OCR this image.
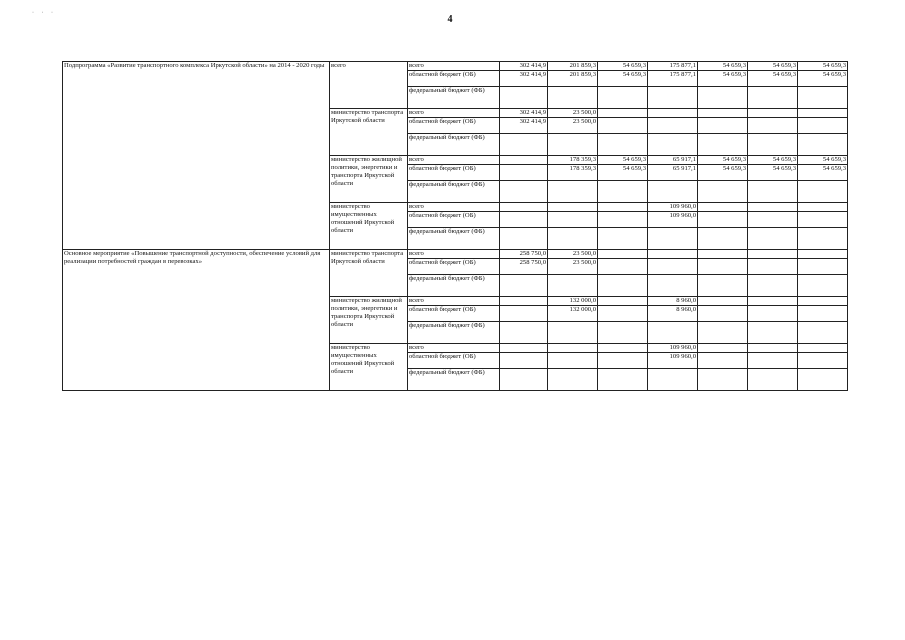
· · ·
4
Подпрограмма «Развитие транспортного комплекса Иркутской области» на 2014 - 2020 годы	всего	всего	302 414,9	201 859,3	54 659,3	175 877,1	54 659,3	54 659,3	54 659,3
		областной бюджет (ОБ)	302 414,9	201 859,3	54 659,3	175 877,1	54 659,3	54 659,3	54 659,3
		федеральный бюджет (ФБ)							
	министерство транспорта Иркутской области	всего	302 414,9	23 500,0					
		областной бюджет (ОБ)	302 414,9	23 500,0					
		федеральный бюджет (ФБ)							
	министерство жилищной политики, энергетики и транспорта Иркутской области	всего		178 359,3	54 659,3	65 917,1	54 659,3	54 659,3	54 659,3
		областной бюджет (ОБ)		178 359,3	54 659,3	65 917,1	54 659,3	54 659,3	54 659,3
		федеральный бюджет (ФБ)							
	министерство имущественных отношений Иркутской области	всего				109 960,0			
		областной бюджет (ОБ)				109 960,0			
		федеральный бюджет (ФБ)							
Основное мероприятие «Повышение транспортной доступности, обеспечение условий для реализации потребностей граждан в перевозках»	министерство транспорта Иркутской области	всего	258 750,0	23 500,0					
		областной бюджет (ОБ)	258 750,0	23 500,0					
		федеральный бюджет (ФБ)							
	министерство жилищной политики, энергетики и транспорта Иркутской области	всего		132 000,0		8 960,0			
		областной бюджет (ОБ)		132 000,0		8 960,0			
		федеральный бюджет (ФБ)							
	министерство имущественных отношений Иркутской области	всего				109 960,0			
		областной бюджет (ОБ)				109 960,0			
		федеральный бюджет (ФБ)							
